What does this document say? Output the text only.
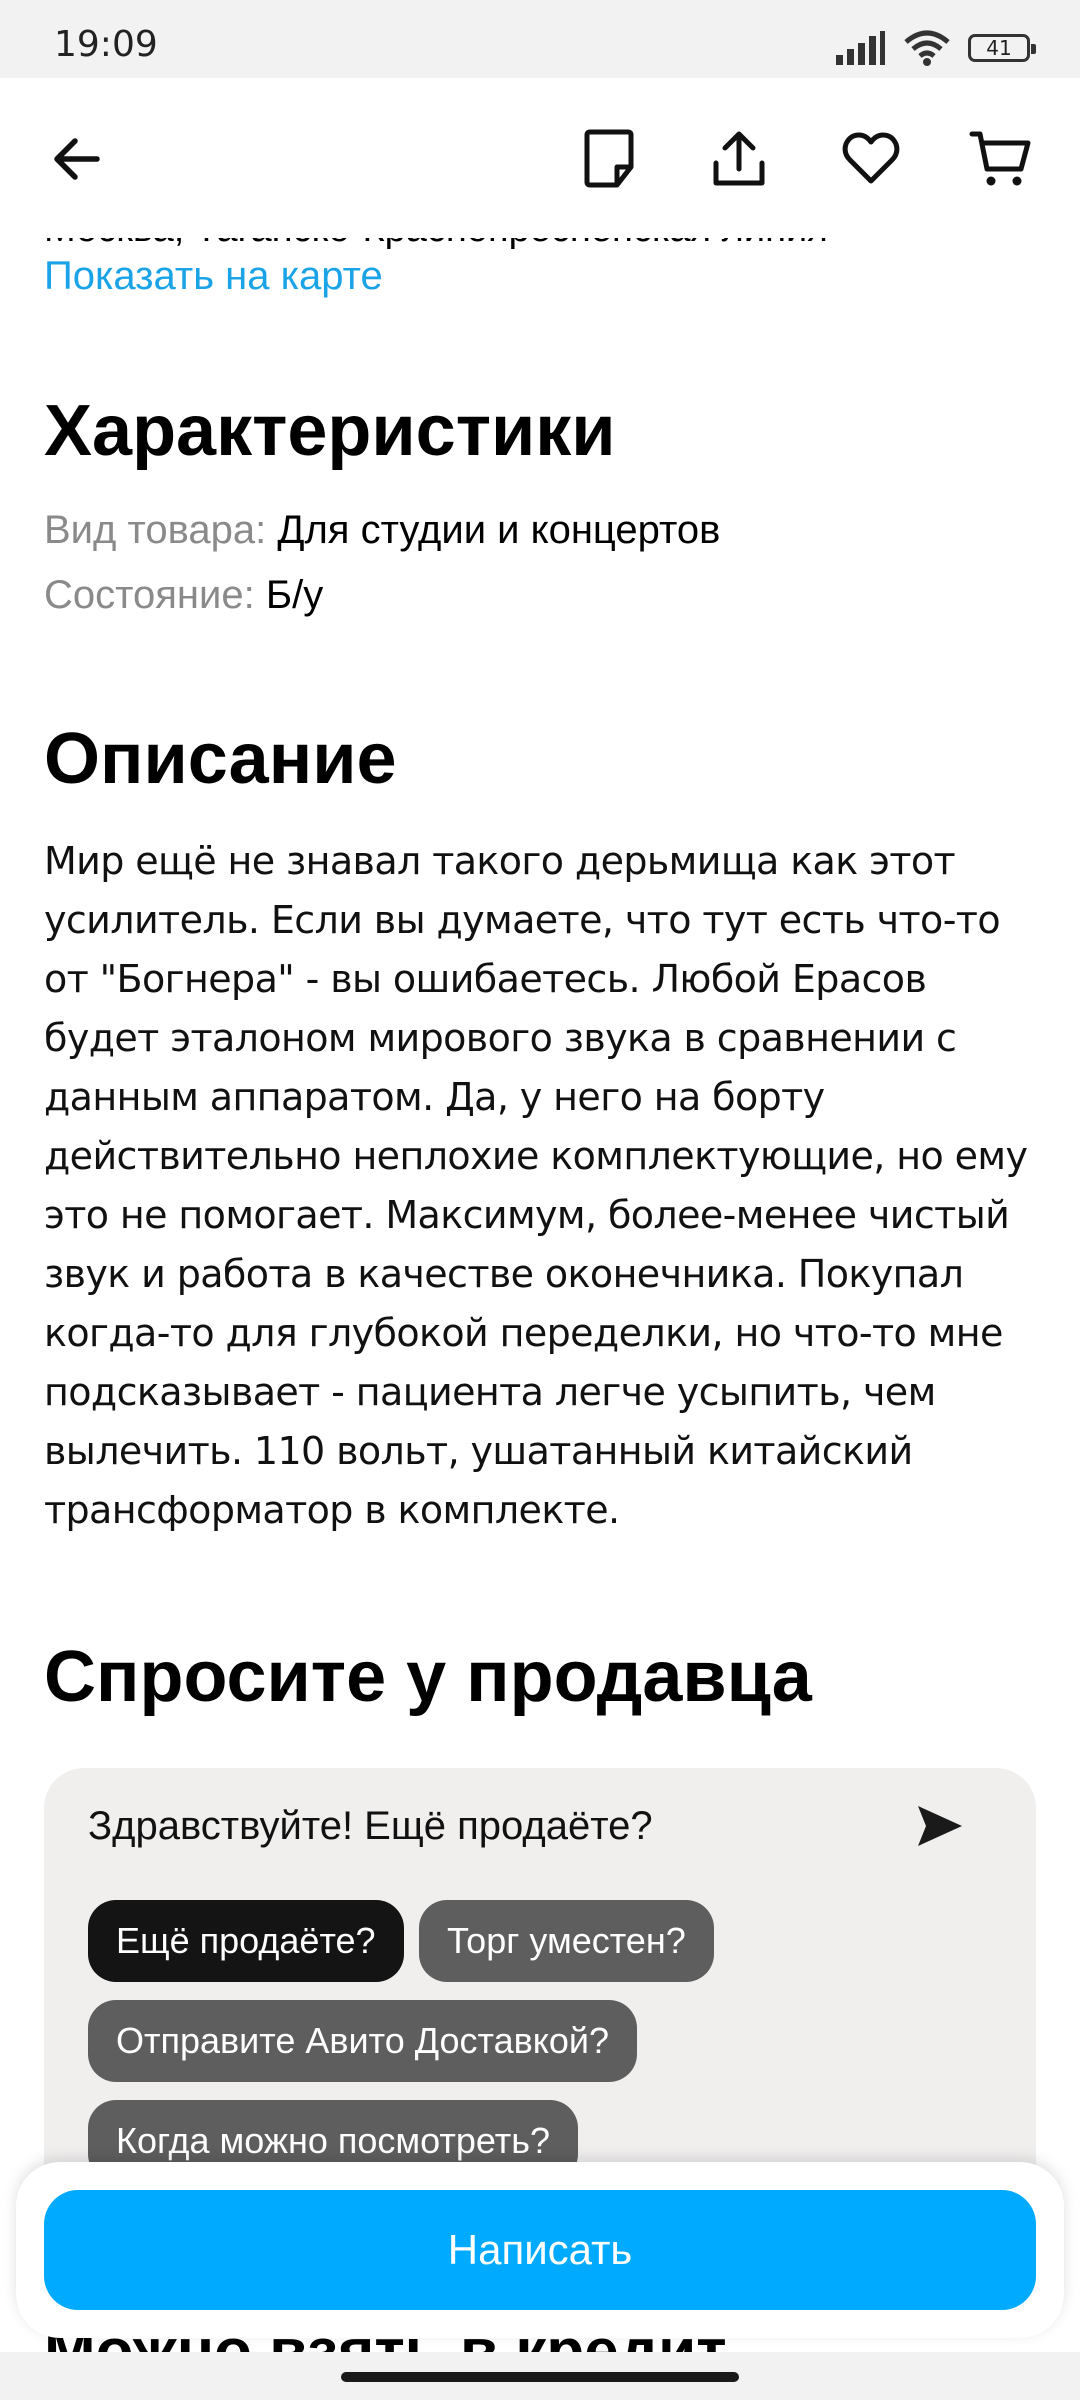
19:09	41
Показать на карте
Характеристики
Вид товара: Для студии и концертов
Состояние: Б/у
Описание
Мир ещё не знавал такого дерьмища как этот усилитель. Если вы думаете, что тут есть что-то от "Богнера" - вы ошибаетесь. Любой Ерасов будет эталоном мирового звука в сравнении с данным аппаратом. Да, у него на борту действительно неплохие комплектующие, но ему это не помогает. Максимум, более-менее чистый звук и работа в качестве оконечника. Покупал когда-то для глубокой переделки, но что-то мне подсказывает - пациента легче усыпить, чем вылечить. 110 вольт, ушатанный китайский трансформатор в комплекте.
Спросите у продавца
Здравствуйте! Ещё продаёте?
Ещё продаёте?	Торг уместен?
Отправите Авито Доставкой?
Когда можно посмотреть?
Написать
